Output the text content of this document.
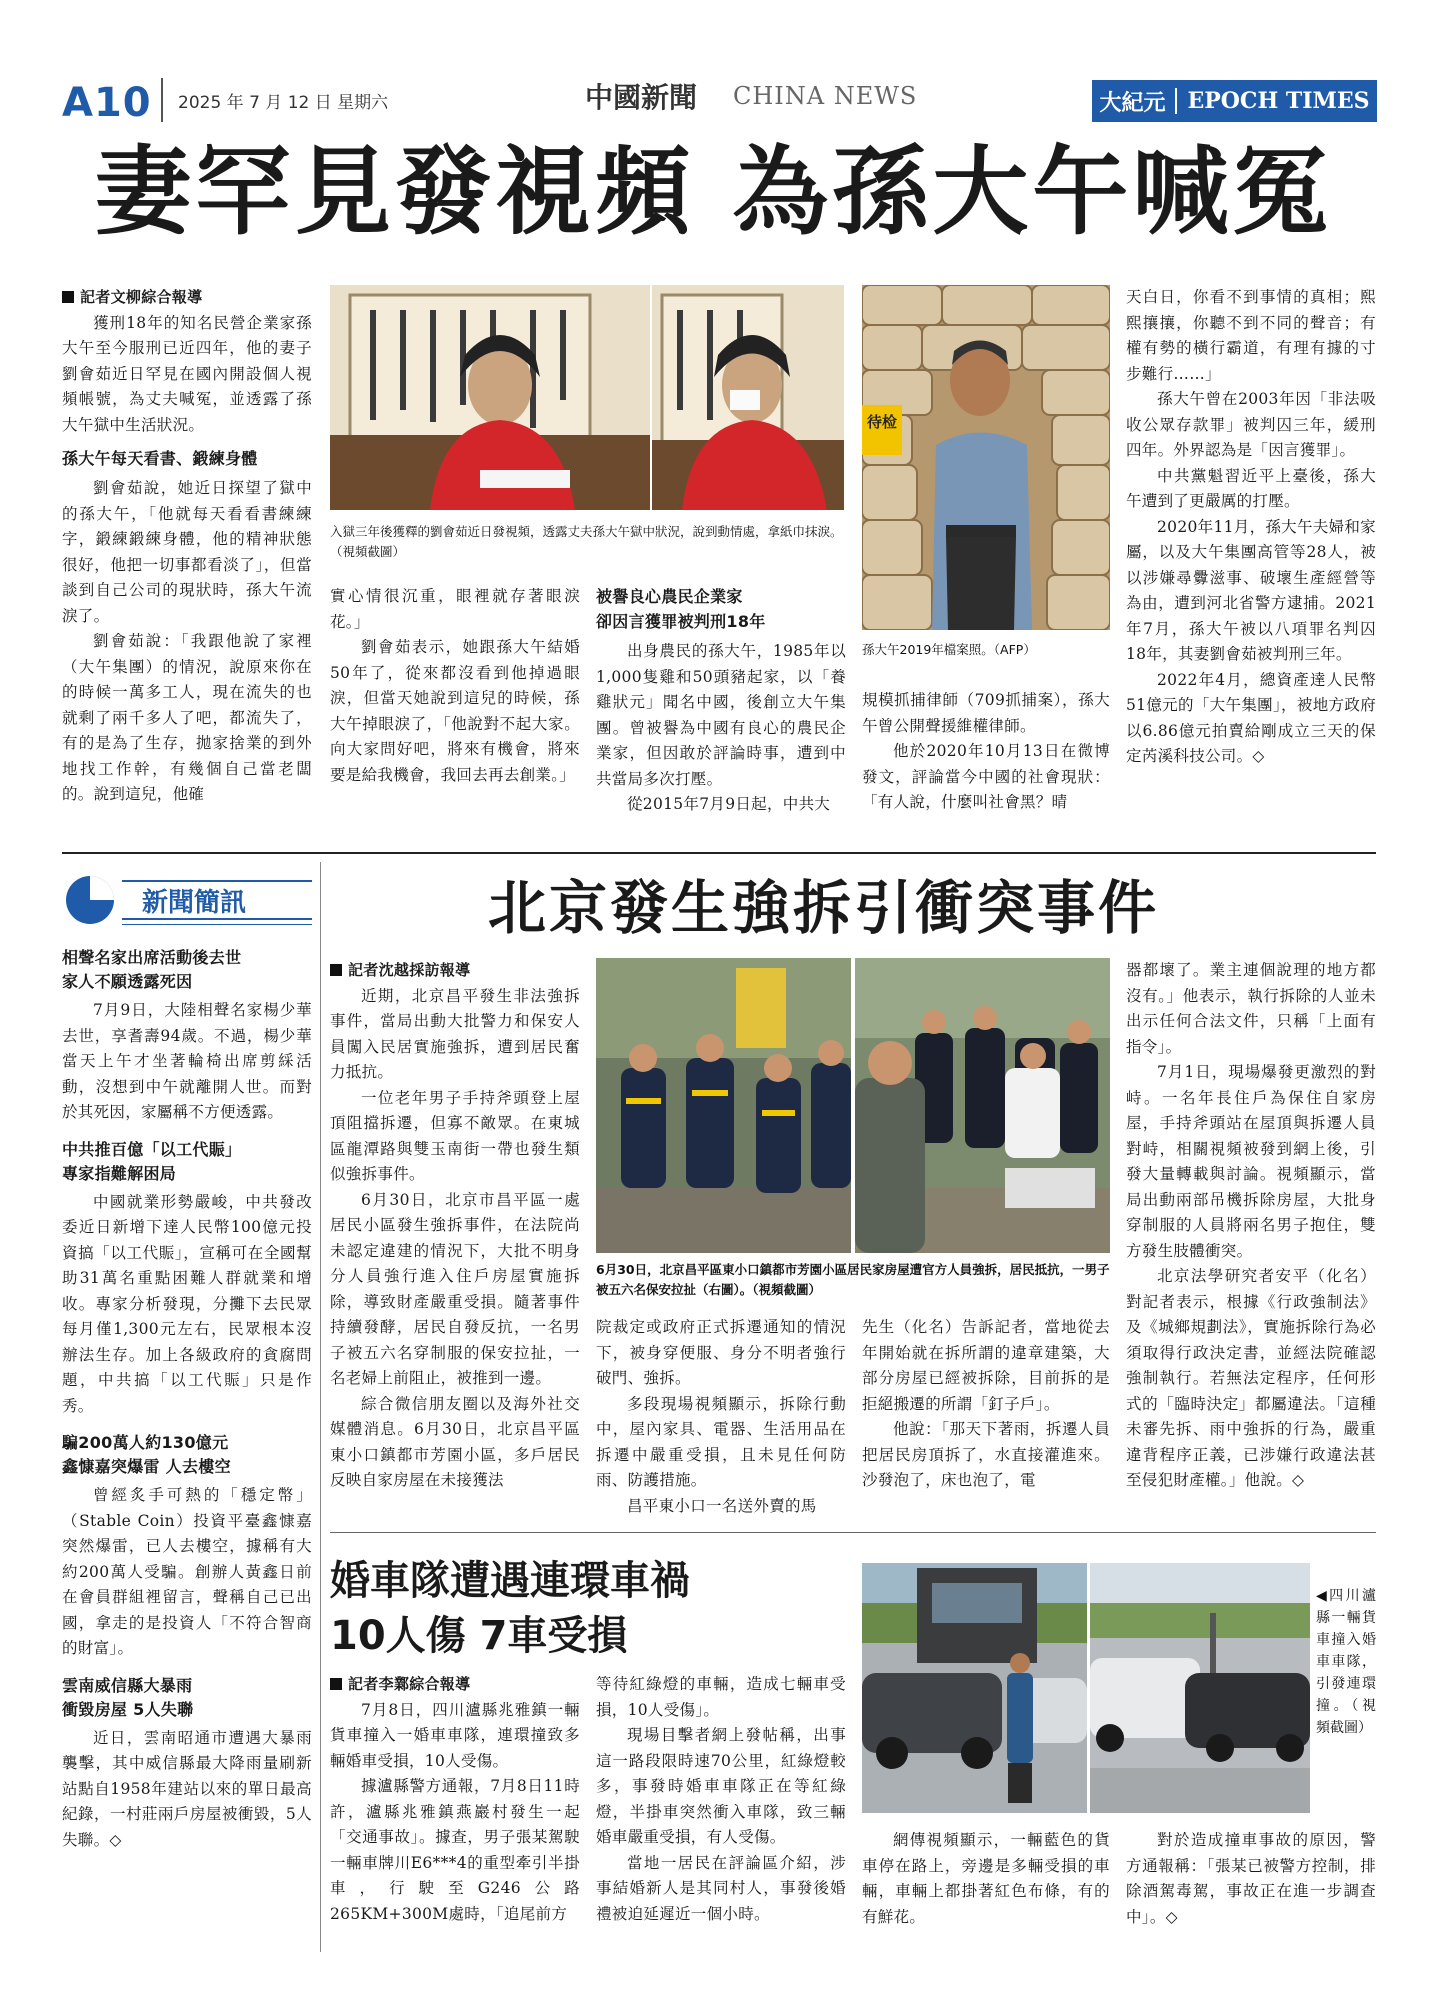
A10 2025 年 7 月 12 日 星期六	中國新聞 CHINA NEWS	大紀元 EPOCH TIMES
妻罕見發視頻 為孫大午喊冤

記者文柳綜合報導

獲刑18年的知名民營企業家孫大午至今服刑已近四年，他的妻子劉會茹近日罕見在國內開設個人視頻帳號，為丈夫喊冤，並透露了孫大午獄中生活狀況。

孫大午每天看書、鍛練身體

劉會茹說，她近日探望了獄中的孫大午，「他就每天看看書練練字，鍛練鍛練身體，他的精神狀態很好，他把一切事都看淡了」，但當談到自己公司的現狀時，孫大午流淚了。

劉會茹說：「我跟他說了家裡（大午集團）的情況，說原來你在的時候一萬多工人，現在流失的也就剩了兩千多人了吧，都流失了，有的是為了生存，拋家捨業的到外地找工作幹，有幾個自己當老闆的。說到這兒，他確

入獄三年後獲釋的劉會茹近日發視頻，透露丈夫孫大午獄中狀況，說到動情處，拿紙巾抹淚。（視頻截圖）
待检
孫大午2019年檔案照。（AFP）

實心情很沉重，眼裡就存著眼淚花。」

劉會茹表示，她跟孫大午結婚50年了，從來都沒看到他掉過眼淚，但當天她說到這兒的時候，孫大午掉眼淚了，「他說對不起大家。向大家問好吧，將來有機會，將來要是給我機會，我回去再去創業。」

被譽良心農民企業家
卻因言獲罪被判刑18年

出身農民的孫大午，1985年以1,000隻雞和50頭豬起家，以「養雞狀元」聞名中國，後創立大午集團。曾被譽為中國有良心的農民企業家，但因敢於評論時事，遭到中共當局多次打壓。

從2015年7月9日起，中共大

規模抓捕律師（709抓捕案），孫大午曾公開聲援維權律師。

他於2020年10月13日在微博發文，評論當今中國的社會現狀：「有人說，什麼叫社會黑？晴

天白日，你看不到事情的真相；熙熙攘攘，你聽不到不同的聲音；有權有勢的橫行霸道，有理有據的寸步難行……」

孫大午曾在2003年因「非法吸收公眾存款罪」被判囚三年，緩刑四年。外界認為是「因言獲罪」。

中共黨魁習近平上臺後，孫大午遭到了更嚴厲的打壓。

2020年11月，孫大午夫婦和家屬，以及大午集團高管等28人，被以涉嫌尋釁滋事、破壞生產經營等為由，遭到河北省警方逮捕。2021年7月，孫大午被以八項罪名判囚18年，其妻劉會茹被判刑三年。

2022年4月，總資產達人民幣51億元的「大午集團」，被地方政府以6.86億元拍賣給剛成立三天的保定芮溪科技公司。◇

新聞簡訊
相聲名家出席活動後去世
家人不願透露死因

7月9日，大陸相聲名家楊少華去世，享耆壽94歲。不過，楊少華當天上午才坐著輪椅出席剪綵活動，沒想到中午就離開人世。而對於其死因，家屬稱不方便透露。

中共推百億「以工代賑」
專家指難解困局

中國就業形勢嚴峻，中共發改委近日新增下達人民幣100億元投資搞「以工代賑」，宣稱可在全國幫助31萬名重點困難人群就業和增收。專家分析發現，分攤下去民眾每月僅1,300元左右，民眾根本沒辦法生存。加上各級政府的貪腐問題，中共搞「以工代賑」只是作秀。

騙200萬人約130億元
鑫慷嘉突爆雷 人去樓空

曾經炙手可熱的「穩定幣」（Stable Coin）投資平臺鑫慷嘉突然爆雷，已人去樓空，據稱有大約200萬人受騙。創辦人黃鑫日前在會員群組裡留言，聲稱自己已出國，拿走的是投資人「不符合智商的財富」。

雲南威信縣大暴雨
衝毀房屋 5人失聯

近日，雲南昭通市遭遇大暴雨襲擊，其中威信縣最大降雨量刷新站點自1958年建站以來的單日最高紀錄，一村莊兩戶房屋被衝毀，5人失聯。◇

北京發生強拆引衝突事件

記者沈越採訪報導

近期，北京昌平發生非法強拆事件，當局出動大批警力和保安人員闖入民居實施強拆，遭到居民奮力抵抗。

一位老年男子手持斧頭登上屋頂阻擋拆遷，但寡不敵眾。在東城區龍潭路與雙玉南街一帶也發生類似強拆事件。

6月30日，北京市昌平區一處居民小區發生強拆事件，在法院尚未認定違建的情況下，大批不明身分人員強行進入住戶房屋實施拆除，導致財產嚴重受損。隨著事件持續發酵，居民自發反抗，一名男子被五六名穿制服的保安拉扯，一名老婦上前阻止，被推到一邊。

綜合微信朋友圈以及海外社交媒體消息。6月30日，北京昌平區東小口鎮都市芳園小區，多戶居民反映自家房屋在未接獲法

6月30日，北京昌平區東小口鎮都市芳園小區居民家房屋遭官方人員強拆，居民抵抗，一男子被五六名保安拉扯（右圖）。（視頻截圖）

院裁定或政府正式拆遷通知的情況下，被身穿便服、身分不明者強行破門、強拆。

多段現場視頻顯示，拆除行動中，屋內家具、電器、生活用品在拆遷中嚴重受損，且未見任何防雨、防護措施。

昌平東小口一名送外賣的馬

先生（化名）告訴記者，當地從去年開始就在拆所謂的違章建築，大部分房屋已經被拆除，目前拆的是拒絕搬遷的所謂「釘子戶」。

他說：「那天下著雨，拆遷人員把居民房頂拆了，水直接灌進來。沙發泡了，床也泡了，電

器都壞了。業主連個說理的地方都沒有。」他表示，執行拆除的人並未出示任何合法文件，只稱「上面有指令」。

7月1日，現場爆發更激烈的對峙。一名年長住戶為保住自家房屋，手持斧頭站在屋頂與拆遷人員對峙，相關視頻被發到網上後，引發大量轉載與討論。視頻顯示，當局出動兩部吊機拆除房屋，大批身穿制服的人員將兩名男子抱住，雙方發生肢體衝突。

北京法學研究者安平（化名）對記者表示，根據《行政強制法》及《城鄉規劃法》，實施拆除行為必須取得行政決定書，並經法院確認強制執行。若無法定程序，任何形式的「臨時決定」都屬違法。「這種未審先拆、雨中強拆的行為，嚴重違背程序正義，已涉嫌行政違法甚至侵犯財產權。」他說。◇

婚車隊遭遇連環車禍
10人傷 7車受損

記者李鄴綜合報導

7月8日，四川瀘縣兆雅鎮一輛貨車撞入一婚車車隊，連環撞致多輛婚車受損，10人受傷。

據瀘縣警方通報，7月8日11時許，瀘縣兆雅鎮燕巖村發生一起「交通事故」。據查，男子張某駕駛一輛車牌川E6***4的重型牽引半掛車，行駛至G246公路265KM+300M處時，「追尾前方

等待紅綠燈的車輛，造成七輛車受損，10人受傷」。

現場目擊者網上發帖稱，出事這一路段限時速70公里，紅綠燈較多，事發時婚車車隊正在等紅綠燈，半掛車突然衝入車隊，致三輛婚車嚴重受損，有人受傷。

當地一居民在評論區介紹，涉事結婚新人是其同村人，事發後婚禮被迫延遲近一個小時。

◀四川瀘縣一輛貨車撞入婚車車隊，引發連環撞。（視頻截圖）

網傳視頻顯示，一輛藍色的貨車停在路上，旁邊是多輛受損的車輛，車輛上都掛著紅色布條，有的有鮮花。

對於造成撞車事故的原因，警方通報稱：「張某已被警方控制，排除酒駕毒駕，事故正在進一步調查中」。◇
